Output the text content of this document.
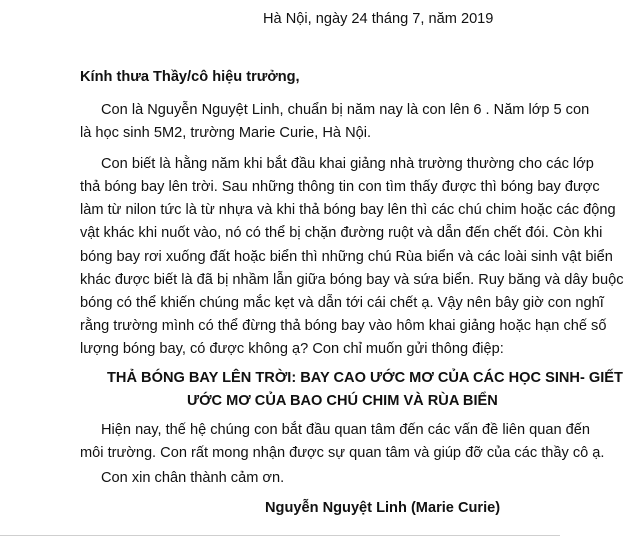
Hà Nội, ngày 24 tháng 7, năm 2019
Kính thưa Thầy/cô hiệu trưởng,
Con là Nguyễn Nguyệt Linh, chuẩn bị năm nay là con lên 6 . Năm lớp 5 con
là học sinh 5M2, trường Marie Curie, Hà Nội.
Con biết là hằng năm khi bắt đầu khai giảng nhà trường thường cho các lớp
thả bóng bay lên trời. Sau những thông tin con tìm thấy được thì bóng bay được
làm từ nilon tức là từ nhựa và khi thả bóng bay lên thì các chú chim hoặc các động
vật khác khi nuốt vào, nó có thể bị chặn đường ruột và dẫn đến chết đói. Còn khi
bóng bay rơi xuống đất hoặc biển thì những chú Rùa biển và các loài sinh vật biển
khác được biết là đã bị nhầm lẫn giữa bóng bay và sứa biển. Ruy băng và dây buộc
bóng có thể khiến chúng mắc kẹt và dẫn tới cái chết ạ. Vậy nên bây giờ con nghĩ
rằng trường mình có thể đừng thả bóng bay vào hôm khai giảng hoặc hạn chế số
lượng bóng bay, có được không ạ? Con chỉ muốn gửi thông điệp:
THẢ BÓNG BAY LÊN TRỜI: BAY CAO ƯỚC MƠ CỦA CÁC HỌC SINH- GIẾT
ƯỚC MƠ CỦA BAO CHÚ CHIM VÀ RÙA BIỂN
Hiện nay, thế hệ chúng con bắt đầu quan tâm đến các vấn đề liên quan đến
môi trường. Con rất mong nhận được sự quan tâm và giúp đỡ của các thầy cô ạ.
Con xin chân thành cảm ơn.
Nguyễn Nguyệt Linh (Marie Curie)
